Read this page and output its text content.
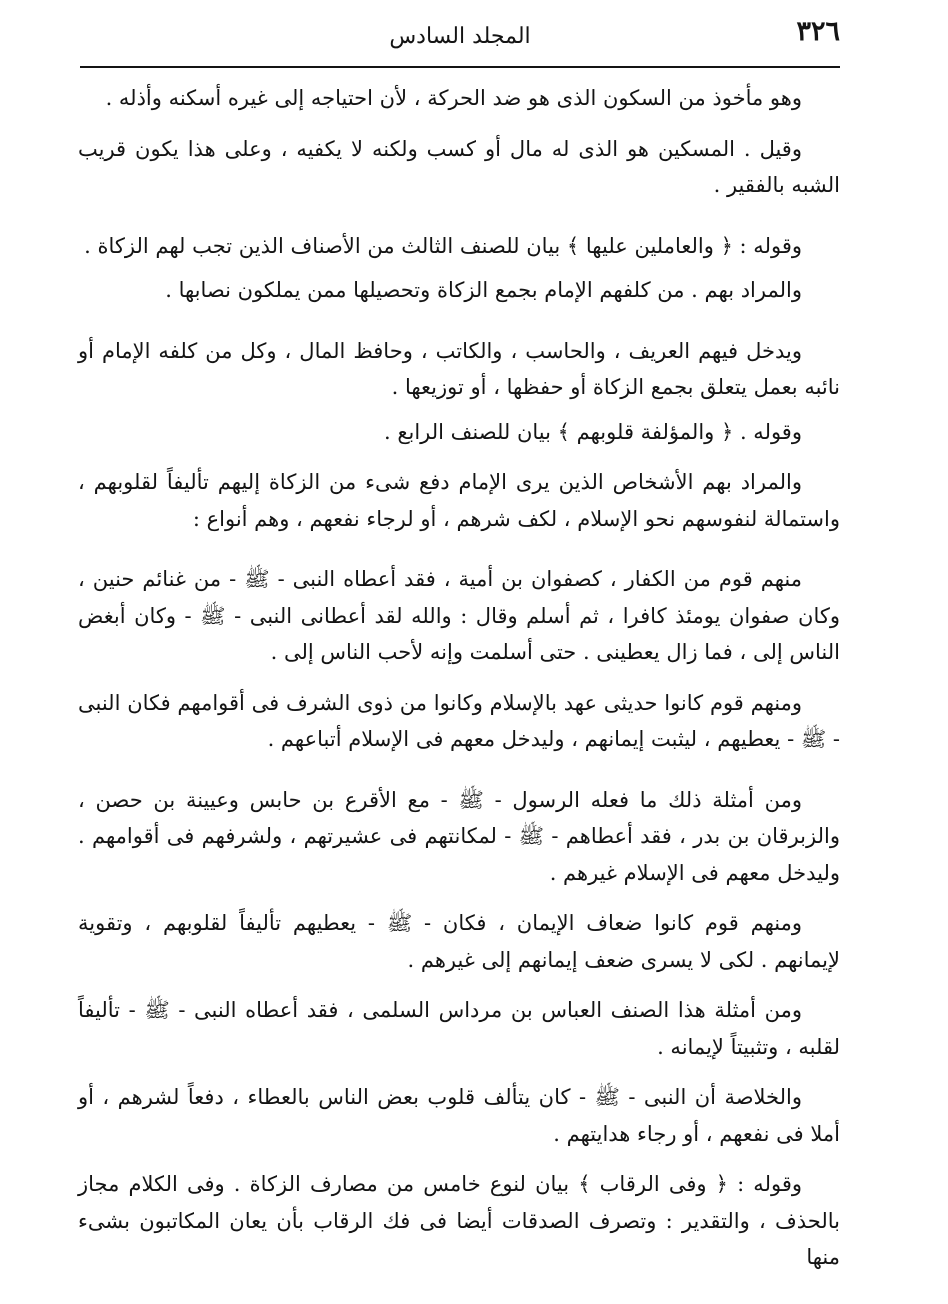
٣٢٦
المجلد السادس

وهو مأخوذ من السكون الذى هو ضد الحركة ، لأن احتياجه إلى غيره أسكنه وأذله .

وقيل . المسكين هو الذى له مال أو كسب ولكنه لا يكفيه ، وعلى هذا يكون قريب الشبه بالفقير .

وقوله : ﴿ والعاملين عليها ﴾ بيان للصنف الثالث من الأصناف الذين تجب لهم الزكاة .

والمراد بهم . من كلفهم الإمام بجمع الزكاة وتحصيلها ممن يملكون نصابها .

ويدخل فيهم العريف ، والحاسب ، والكاتب ، وحافظ المال ، وكل من كلفه الإمام أو نائبه بعمل يتعلق بجمع الزكاة أو حفظها ، أو توزيعها .

وقوله . ﴿ والمؤلفة قلوبهم ﴾ بيان للصنف الرابع .

والمراد بهم الأشخاص الذين يرى الإمام دفع شىء من الزكاة إليهم تأليفاً لقلوبهم ، واستمالة لنفوسهم نحو الإسلام ، لكف شرهم ، أو لرجاء نفعهم ، وهم أنواع :

منهم قوم من الكفار ، كصفوان بن أمية ، فقد أعطاه النبى - ﷺ - من غنائم حنين ، وكان صفوان يومئذ كافرا ، ثم أسلم وقال : والله لقد أعطانى النبى - ﷺ - وكان أبغض الناس إلى ، فما زال يعطينى . حتى أسلمت وإنه لأحب الناس إلى .

ومنهم قوم كانوا حديثى عهد بالإسلام وكانوا من ذوى الشرف فى أقوامهم فكان النبى - ﷺ - يعطيهم ، ليثبت إيمانهم ، وليدخل معهم فى الإسلام أتباعهم .

ومن أمثلة ذلك ما فعله الرسول - ﷺ - مع الأقرع بن حابس وعيينة بن حصن ، والزبرقان بن بدر ، فقد أعطاهم - ﷺ - لمكانتهم فى عشيرتهم ، ولشرفهم فى أقوامهم . وليدخل معهم فى الإسلام غيرهم .

ومنهم قوم كانوا ضعاف الإيمان ، فكان - ﷺ - يعطيهم تأليفاً لقلوبهم ، وتقوية لإيمانهم . لكى لا يسرى ضعف إيمانهم إلى غيرهم .

ومن أمثلة هذا الصنف العباس بن مرداس السلمى ، فقد أعطاه النبى - ﷺ - تأليفاً لقلبه ، وتثبيتاً لإيمانه .

والخلاصة أن النبى - ﷺ - كان يتألف قلوب بعض الناس بالعطاء ، دفعاً لشرهم ، أو أملا فى نفعهم ، أو رجاء هدايتهم .

وقوله : ﴿ وفى الرقاب ﴾ بيان لنوع خامس من مصارف الزكاة . وفى الكلام مجاز بالحذف ، والتقدير : وتصرف الصدقات أيضا فى فك الرقاب بأن يعان المكاتبون بشىء منها
